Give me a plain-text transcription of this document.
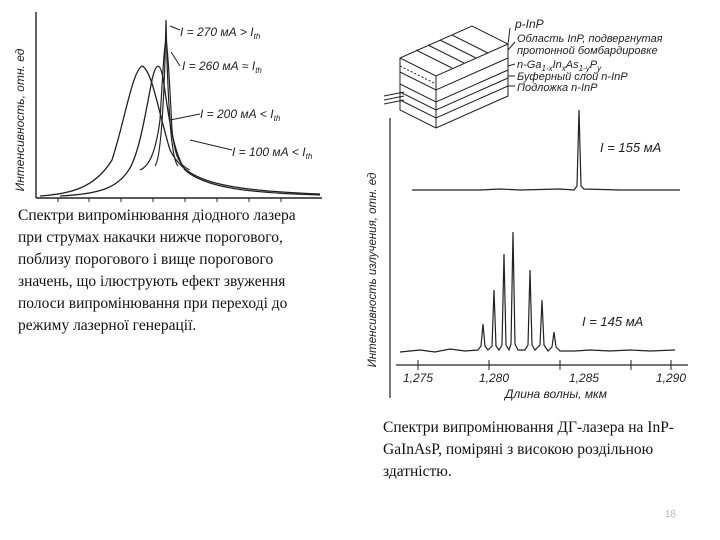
Интенсивность, отн. ед
I = 270 мА > $I_{th}$
I = 260 мА ≈ $I_{th}$
I = 200 мА < $I_{th}$
I = 100 мА < $I_{th}$
p-InP
Область InP, подвергнутая
протонной бомбардировке
$n-Ga_{1-x}In_xAs_{1-y}P_y$
Буферный слой n-InP
Подложка n-InP
Интенсивность излучения, отн. ед
I = 155 мА
I = 145 мА
1,275	1,280	1,285	1,290
Длина волны, мкм
Спектри випромінювання діодного лазера при струмах накачки нижче порогового, поблизу порогового і вище порогового значень, що ілюструють ефект звуження полоси випромінювання при переході до режиму лазерної генерації.
Спектри випромінювання ДГ-лазера на InP-GaInAsP, поміряні з високою роздільною здатністю.
18
